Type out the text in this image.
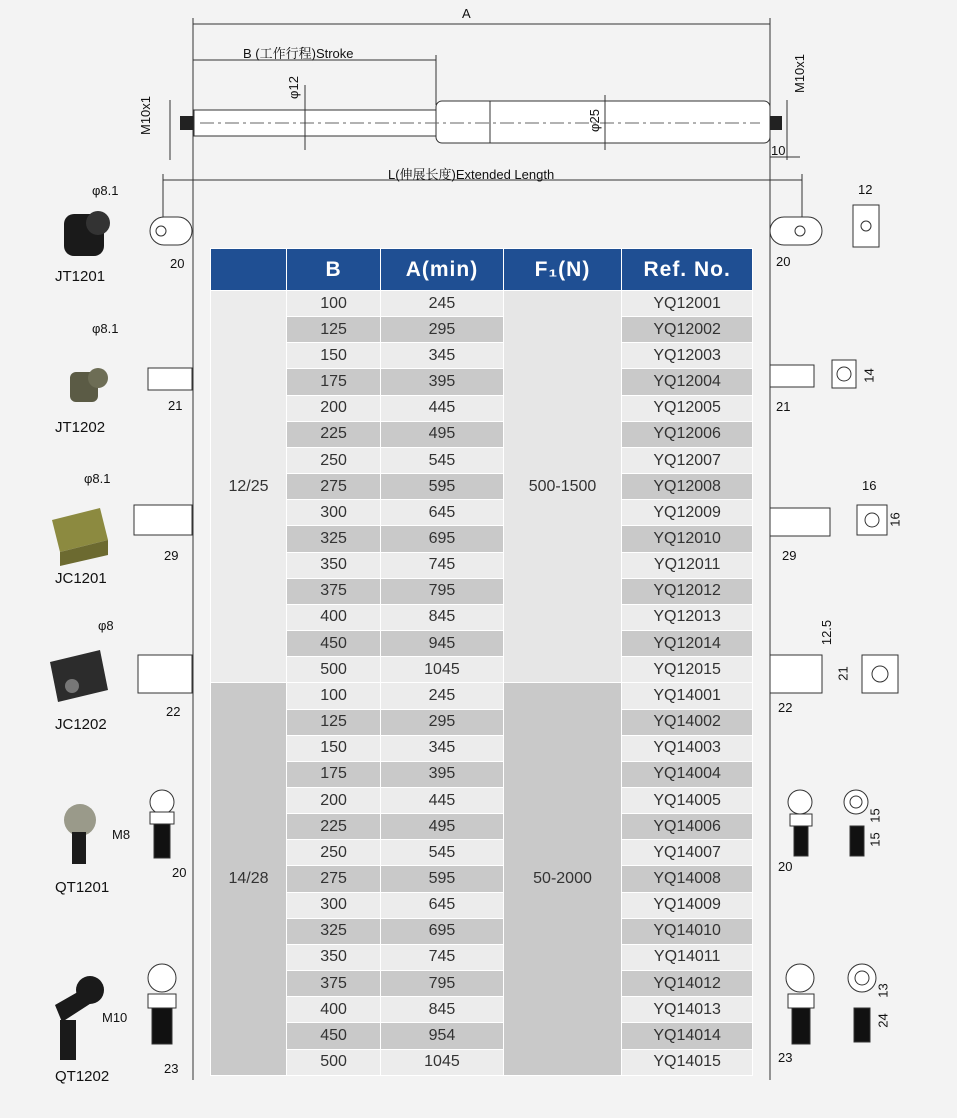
A
B (工作行程)Stroke
L(伸展长度)Extended Length
φ12
φ25
M10x1
M10x1
10
φ8.1
20
JT1201
φ8.1
21
JT1202
φ8.1
29
JC1201
φ8
22
JC1202
M8
20
QT1201
M10
23
QT1202
20
12
21
14
29
16
16
22
12.5
21
20
15
15
23
13
24
	B	A(min)	F₁(N)	Ref. No.
12/25	100	245	500-1500	YQ12001
	125	295		YQ12002
	150	345		YQ12003
	175	395		YQ12004
	200	445		YQ12005
	225	495		YQ12006
	250	545		YQ12007
	275	595		YQ12008
	300	645		YQ12009
	325	695		YQ12010
	350	745		YQ12011
	375	795		YQ12012
	400	845		YQ12013
	450	945		YQ12014
	500	1045		YQ12015
14/28	100	245	50-2000	YQ14001
	125	295		YQ14002
	150	345		YQ14003
	175	395		YQ14004
	200	445		YQ14005
	225	495		YQ14006
	250	545		YQ14007
	275	595		YQ14008
	300	645		YQ14009
	325	695		YQ14010
	350	745		YQ14011
	375	795		YQ14012
	400	845		YQ14013
	450	954		YQ14014
	500	1045		YQ14015
